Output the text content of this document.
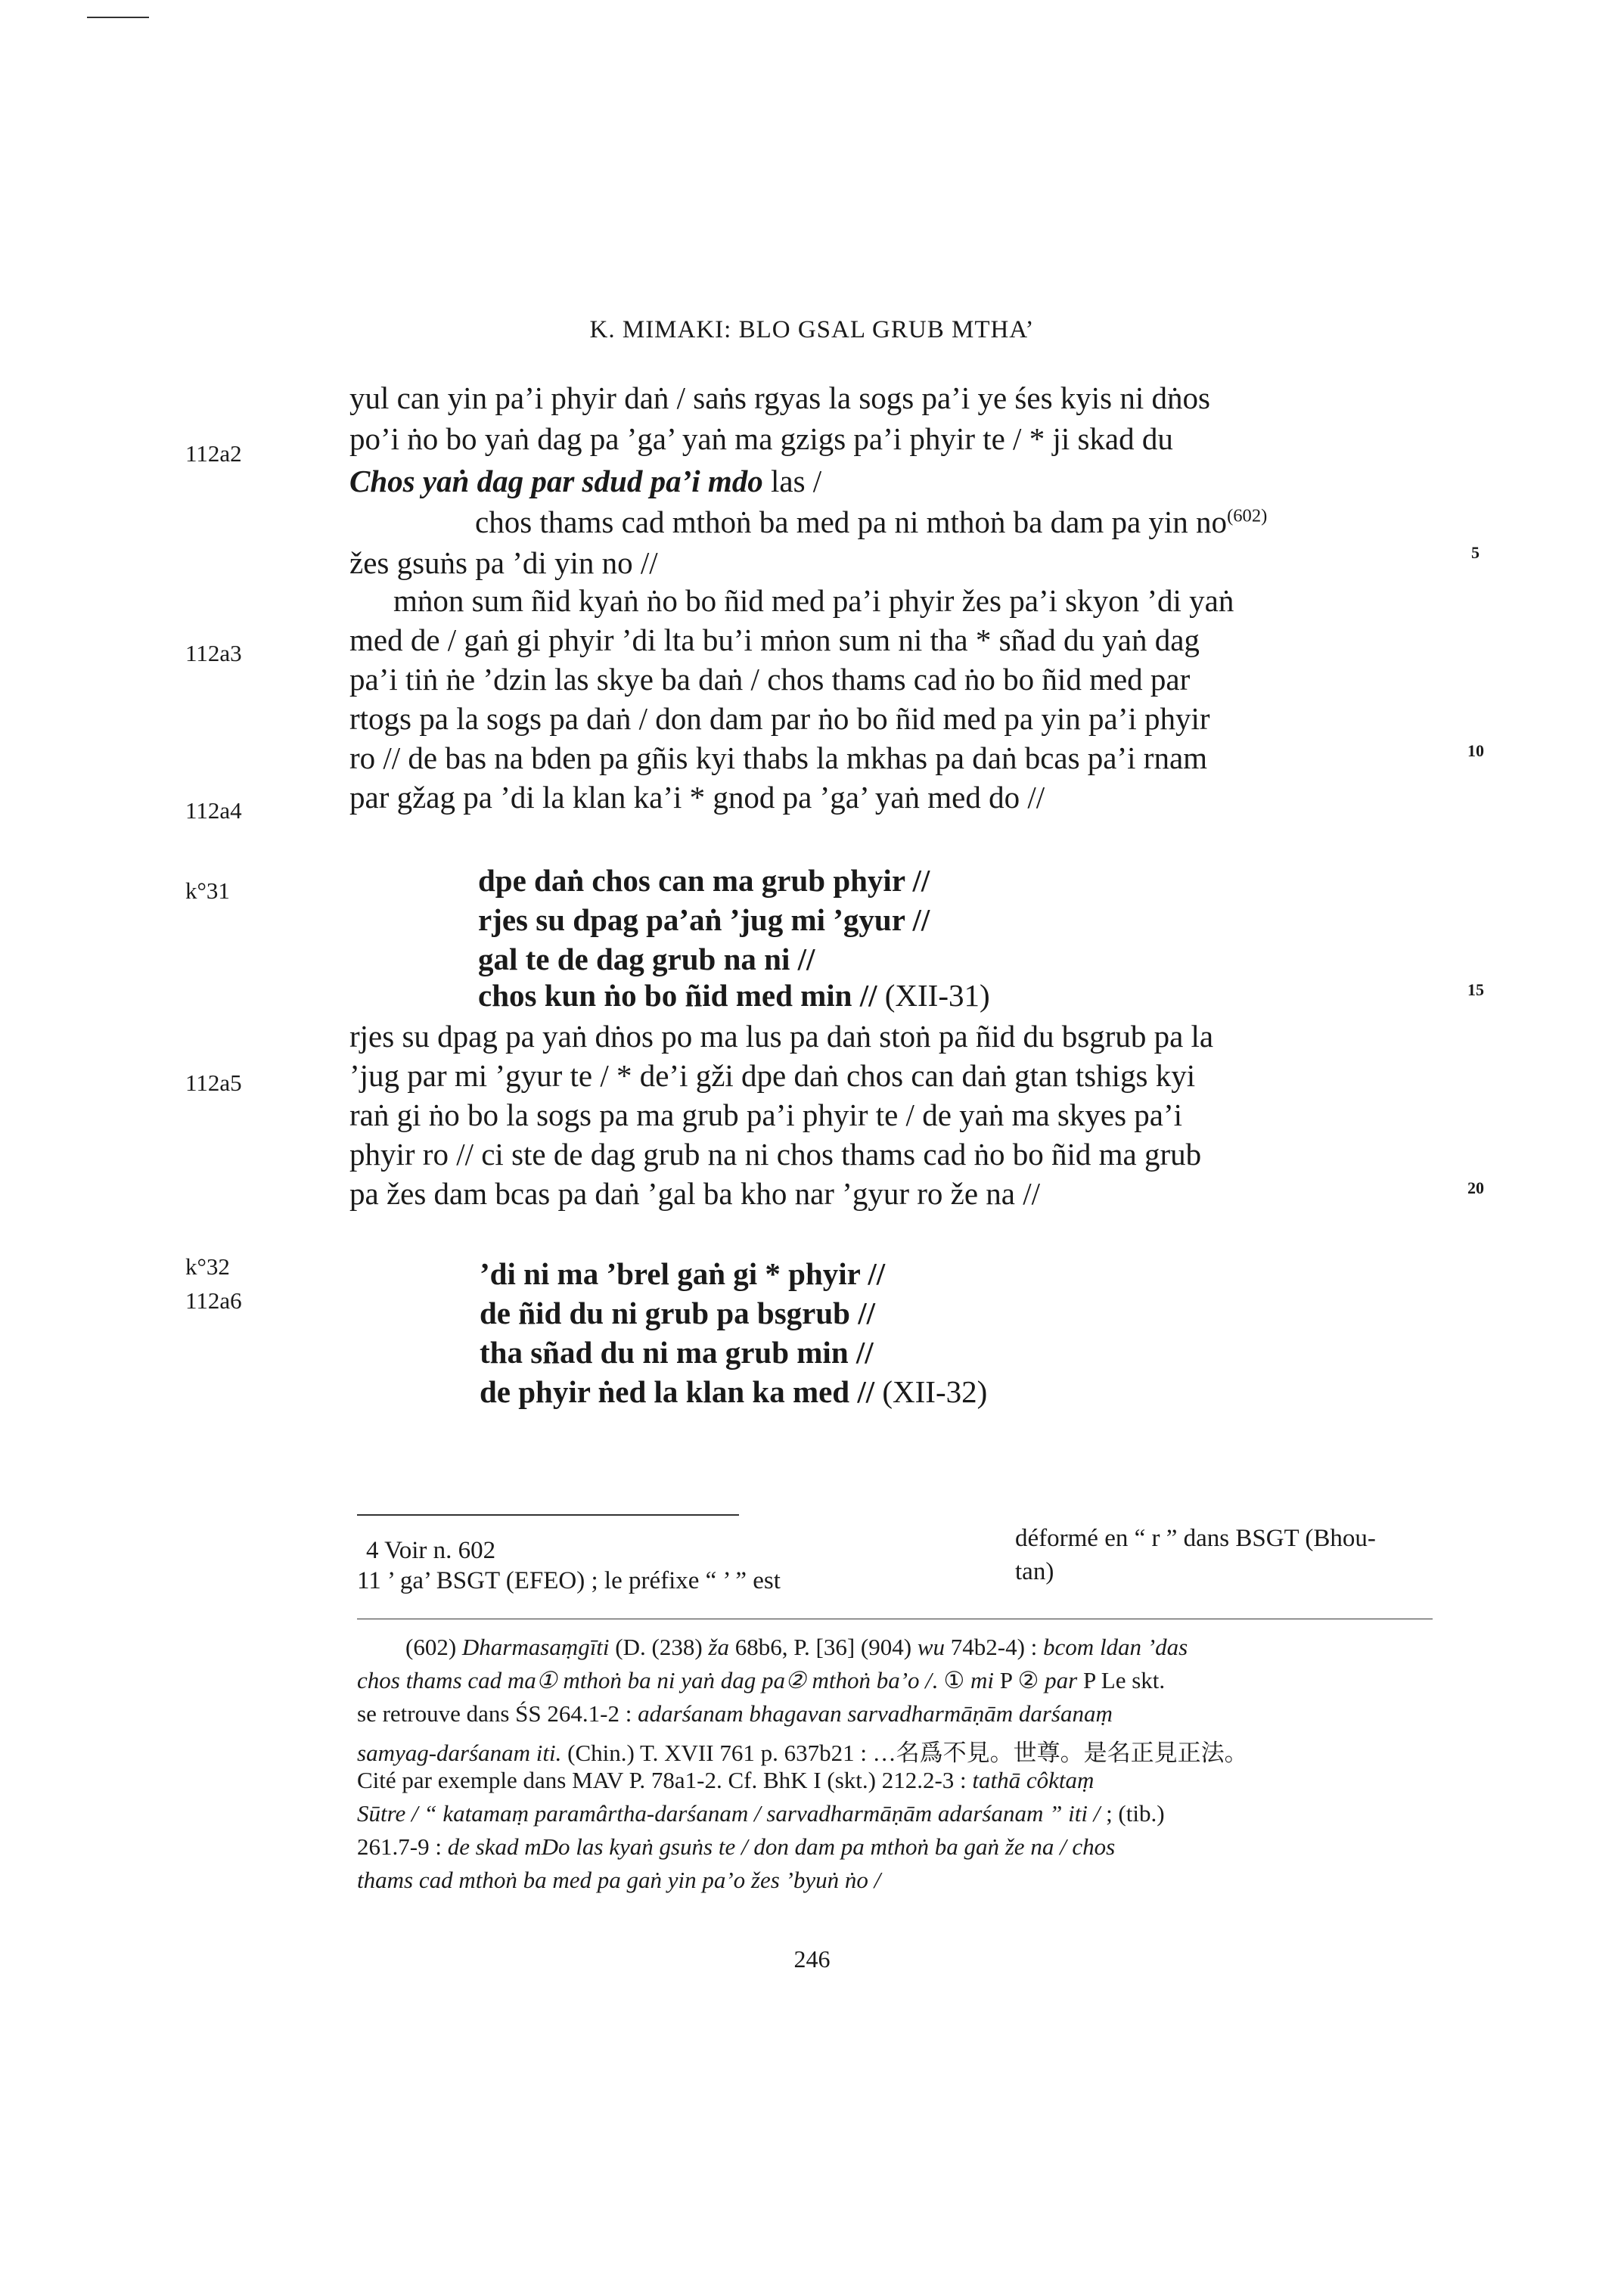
K. MIMAKI: BLO GSAL GRUB MTHA’
112a2
112a3
112a4
k°31
112a5
k°32
112a6
5
10
15
20
yul can yin pa’i phyir daṅ / saṅs rgyas la sogs pa’i ye śes kyis ni dṅos
po’i ṅo bo yaṅ dag pa ’ga’ yaṅ ma gzigs pa’i phyir te / * ji skad du
Chos yaṅ dag par sdud pa’i mdo las /
chos thams cad mthoṅ ba med pa ni mthoṅ ba dam pa yin $no^{(602)}$
žes gsuṅs pa ’di yin no //
mṅon sum ñid kyaṅ ṅo bo ñid med pa’i phyir žes pa’i skyon ’di yaṅ
med de / gaṅ gi phyir ’di lta bu’i mṅon sum ni tha * sñad du yaṅ dag
pa’i tiṅ ṅe ’dzin las skye ba daṅ / chos thams cad ṅo bo ñid med par
rtogs pa la sogs pa daṅ / don dam par ṅo bo ñid med pa yin pa’i phyir
ro // de bas na bden pa gñis kyi thabs la mkhas pa daṅ bcas pa’i rnam
par gžag pa ’di la klan ka’i * gnod pa ’ga’ yaṅ med do //
dpe daṅ chos can ma grub phyir //
rjes su dpag pa’aṅ ’jug mi ’gyur //
gal te de dag grub na ni //
chos kun ṅo bo ñid med min // (XII-31)
rjes su dpag pa yaṅ dṅos po ma lus pa daṅ stoṅ pa ñid du bsgrub pa la
’jug par mi ’gyur te / * de’i gži dpe daṅ chos can daṅ gtan tshigs kyi
raṅ gi ṅo bo la sogs pa ma grub pa’i phyir te / de yaṅ ma skyes pa’i
phyir ro // ci ste de dag grub na ni chos thams cad ṅo bo ñid ma grub
pa žes dam bcas pa daṅ ’gal ba kho nar ’gyur ro že na //
’di ni ma ’brel gaṅ gi * phyir //
de ñid du ni grub pa bsgrub //
tha sñad du ni ma grub min //
de phyir ṅed la klan ka med // (XII-32)
4 Voir n. 602
11 ’ ga’ BSGT (EFEO) ; le préfixe “ ’ ” est
déformé en “ r ” dans BSGT (Bhou-
tan)
(602) Dharmasaṃgīti (D. (238) ža 68b6, P. [36] (904) wu 74b2-4) : bcom ldan ’das
chos thams cad ma① mthoṅ ba ni yaṅ dag pa② mthoṅ ba’o /. ① mi P ② par P Le skt.
se retrouve dans ŚS 264.1-2 : adarśanam bhagavan sarvadharmāṇām darśanaṃ
samyag-darśanam iti. (Chin.) T. XVII 761 p. 637b21 : …名爲不見。世尊。是名正見正法。
Cité par exemple dans MAV P. 78a1-2. Cf. BhK I (skt.) 212.2-3 : tathā côktaṃ
Sūtre / “ katamaṃ paramârtha-darśanam / sarvadharmāṇām adarśanam ” iti / ; (tib.)
261.7-9 : de skad mDo las kyaṅ gsuṅs te / don dam pa mthoṅ ba gaṅ že na / chos
thams cad mthoṅ ba med pa gaṅ yin pa’o žes ’byuṅ ṅo /
246
